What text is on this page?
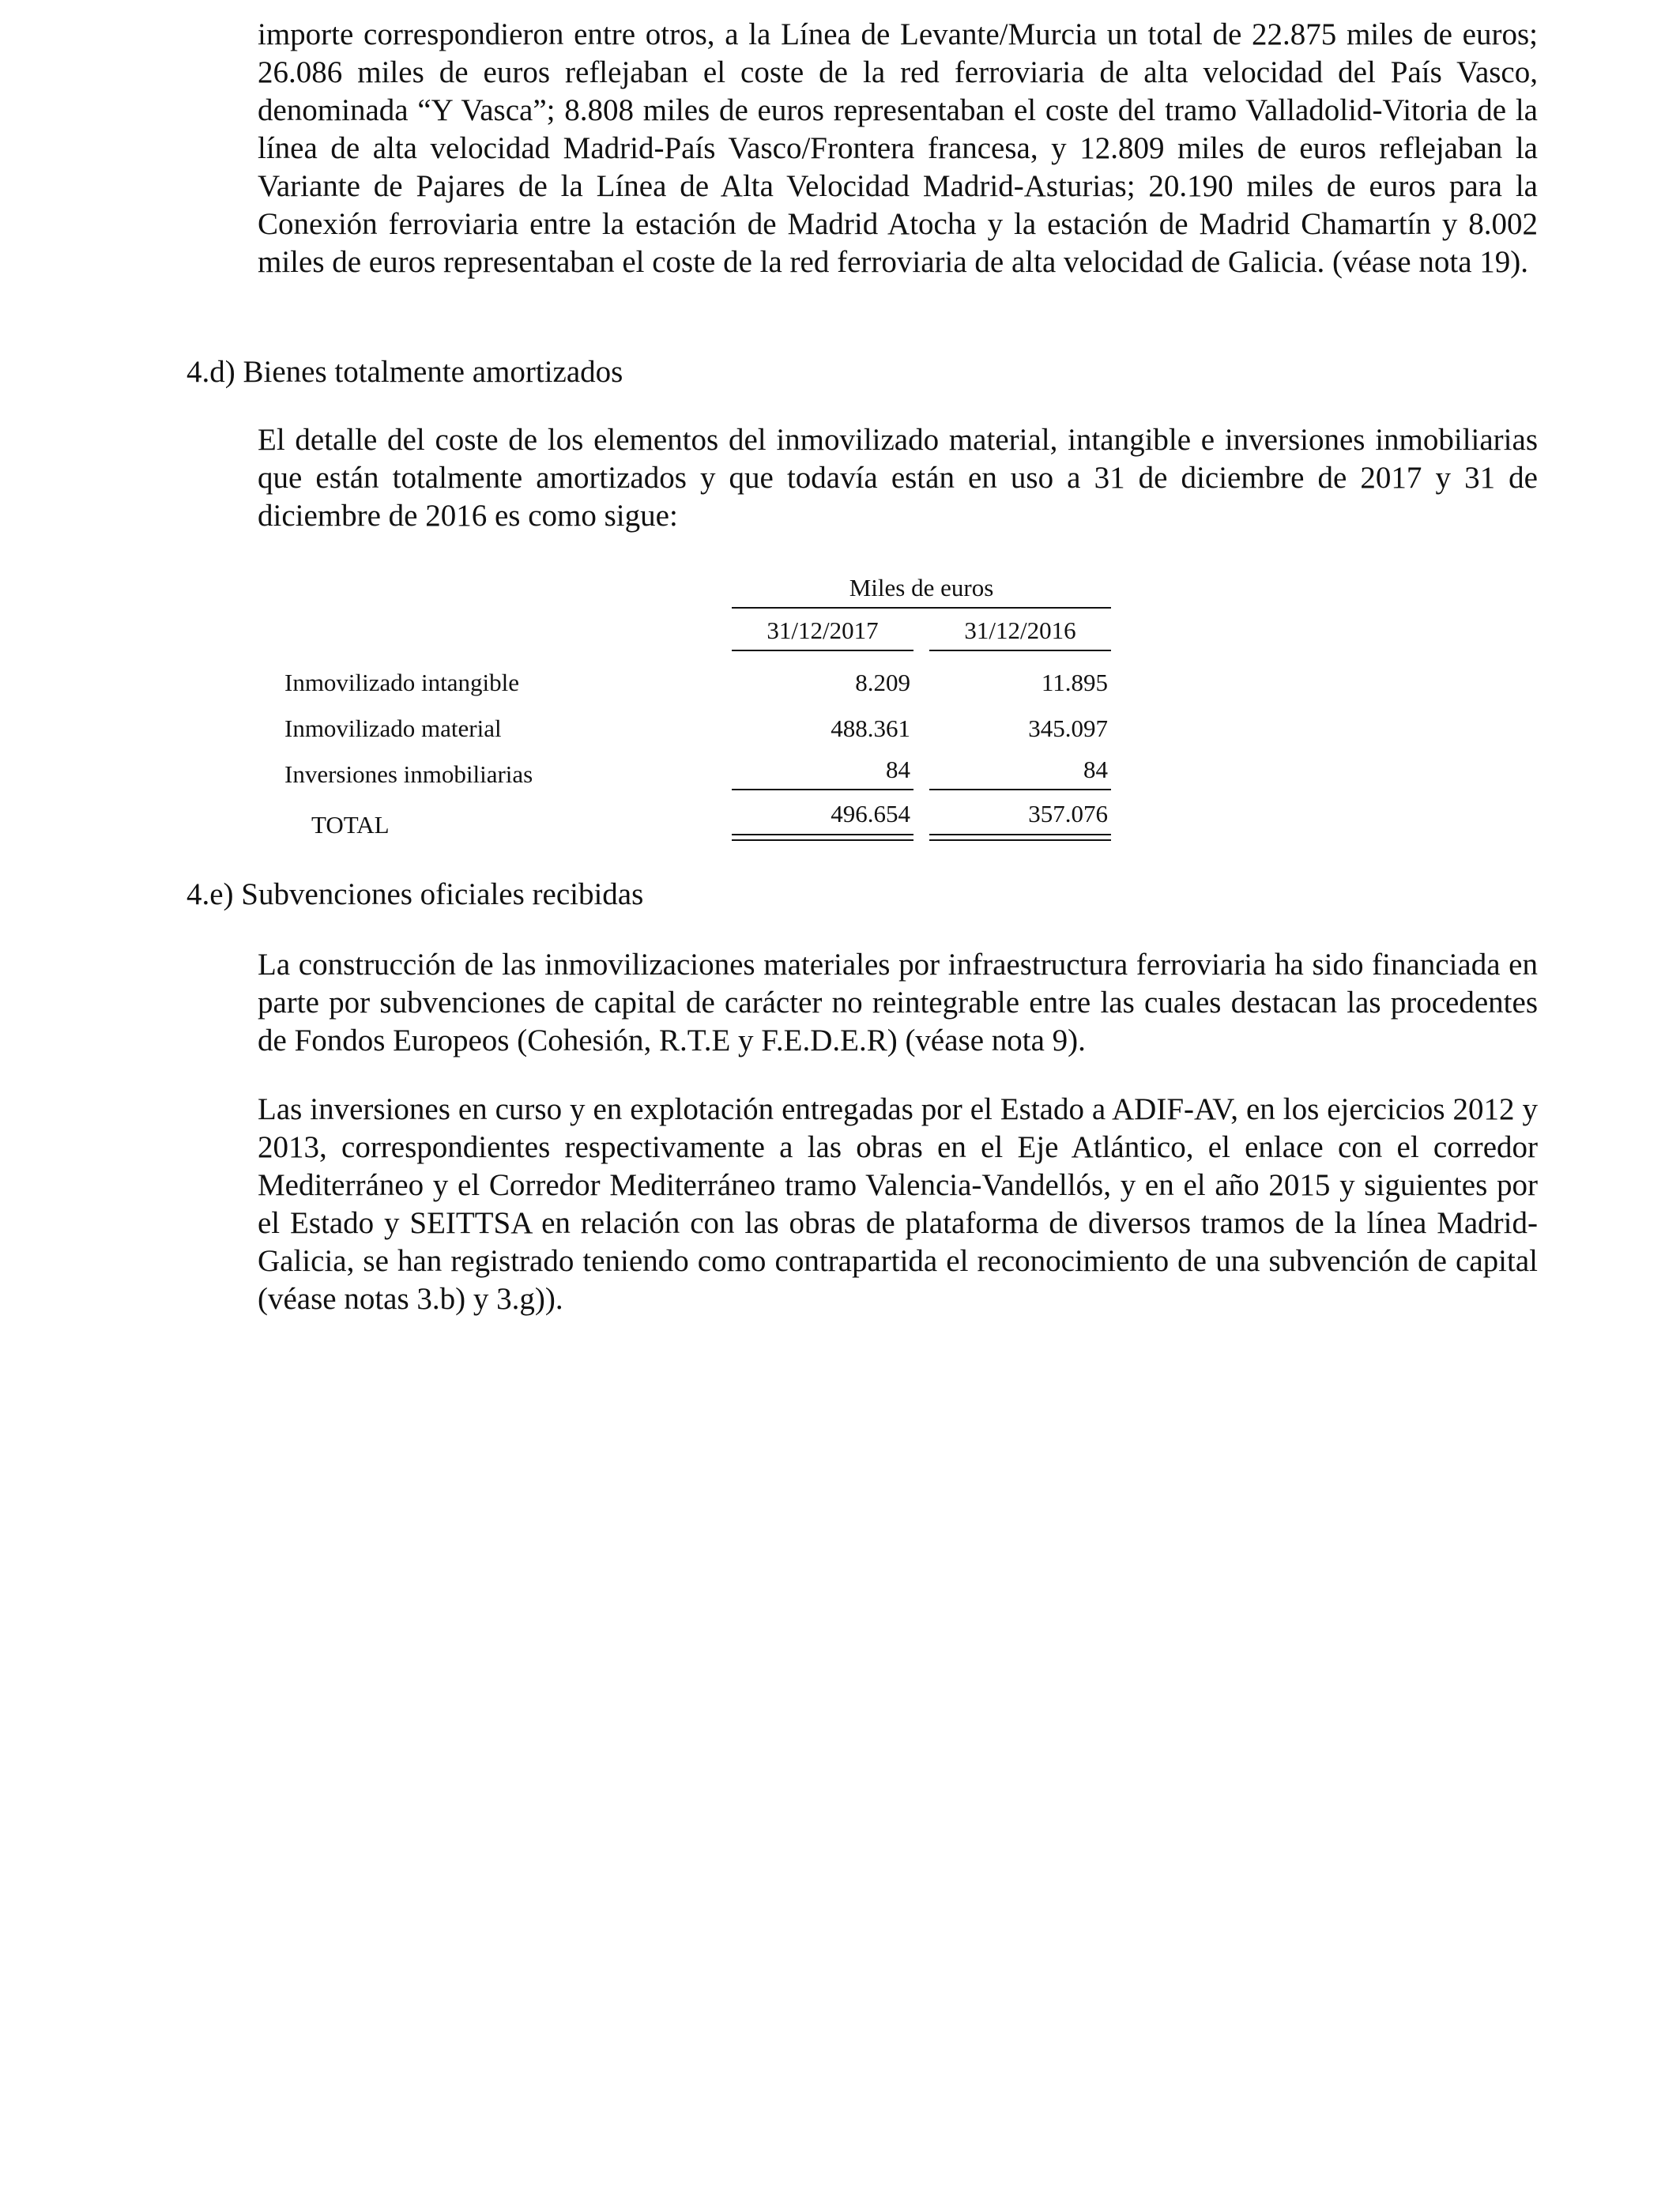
importe correspondieron entre otros, a la Línea de Levante/Murcia un total de 22.875 miles de euros; 26.086 miles de euros reflejaban el coste de la red ferroviaria de alta velocidad del País Vasco, denominada “Y Vasca”; 8.808 miles de euros representaban el coste del tramo Valladolid-Vitoria de la línea de alta velocidad Madrid-País Vasco/Frontera francesa, y 12.809 miles de euros reflejaban la Variante de Pajares de la Línea de Alta Velocidad Madrid-Asturias; 20.190 miles de euros para la Conexión ferroviaria entre la estación de Madrid Atocha y la estación de Madrid Chamartín y 8.002 miles de euros representaban el coste de la red ferroviaria de alta velocidad de Galicia. (véase nota 19).

4.d) Bienes totalmente amortizados

El detalle del coste de los elementos del inmovilizado material, intangible e inversiones inmobiliarias que están totalmente amortizados y que todavía están en uso a 31 de diciembre de 2017 y 31 de diciembre de 2016 es como sigue:

Miles de euros
31/12/2017	31/12/2016
Inmovilizado intangible	8.209	11.895
Inmovilizado material	488.361	345.097
Inversiones inmobiliarias	84	84
TOTAL	496.654	357.076

4.e) Subvenciones oficiales recibidas

La construcción de las inmovilizaciones materiales por infraestructura ferroviaria ha sido financiada en parte por subvenciones de capital de carácter no reintegrable entre las cuales destacan las procedentes de Fondos Europeos (Cohesión, R.T.E y F.E.D.E.R) (véase nota 9).

Las inversiones en curso y en explotación entregadas por el Estado a ADIF-AV, en los ejercicios 2012 y 2013, correspondientes respectivamente a las obras en el Eje Atlántico, el enlace con el corredor Mediterráneo y el Corredor Mediterráneo tramo Valencia-Vandellós, y en el año 2015 y siguientes por el Estado y SEITTSA en relación con las obras de plataforma de diversos tramos de la línea Madrid-Galicia, se han registrado teniendo como contrapartida el reconocimiento de una subvención de capital (véase notas 3.b) y 3.g)).
